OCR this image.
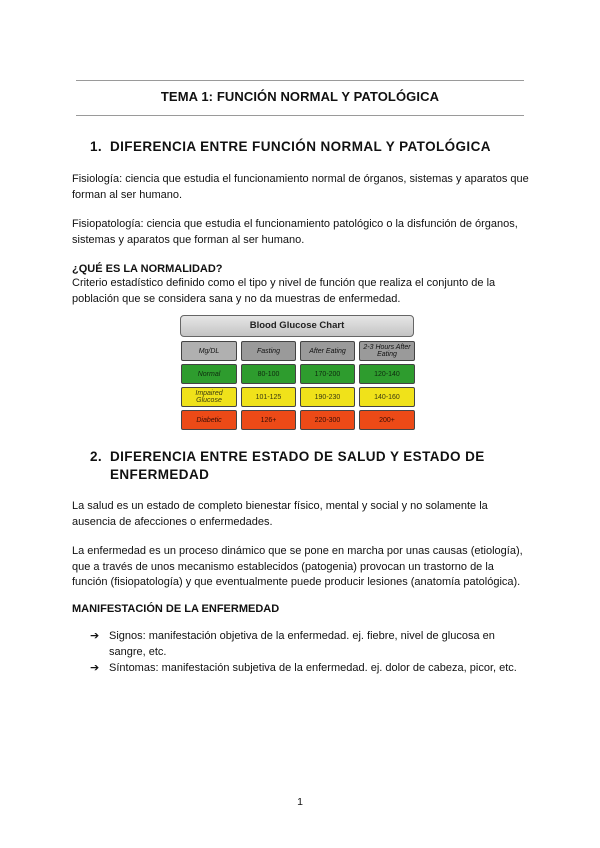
TEMA 1: FUNCIÓN NORMAL Y PATOLÓGICA
1. DIFERENCIA ENTRE FUNCIÓN NORMAL Y PATOLÓGICA

Fisiología: ciencia que estudia el funcionamiento normal de órganos, sistemas y aparatos que forman al ser humano.

Fisiopatología: ciencia que estudia el funcionamiento patológico o la disfunción de órganos, sistemas y aparatos que forman al ser humano.

¿QUÉ ES LA NORMALIDAD?

Criterio estadístico definido como el tipo y nivel de función que realiza el conjunto de la población que se considera sana y no da muestras de enfermedad.

Blood Glucose Chart
Mg/DL	Fasting	After Eating	2-3 Hours After Eating
Normal	80-100	170-200	120-140
Impaired Glucose	101-125	190-230	140-160
Diabetic	126+	220-300	200+
2. DIFERENCIA ENTRE ESTADO DE SALUD Y ESTADO DE ENFERMEDAD

La salud es un estado de completo bienestar físico, mental y social y no solamente la ausencia de afecciones o enfermedades.

La enfermedad es un proceso dinámico que se pone en marcha por unas causas (etiología), que a través de unos mecanismo establecidos (patogenia) provocan un trastorno de la función (fisiopatología) y que eventualmente puede producir lesiones (anatomía patológica).

MANIFESTACIÓN DE LA ENFERMEDAD

➔ Signos: manifestación objetiva de la enfermedad. ej. fiebre, nivel de glucosa en sangre, etc.
➔ Síntomas: manifestación subjetiva de la enfermedad. ej. dolor de cabeza, picor, etc.
1
